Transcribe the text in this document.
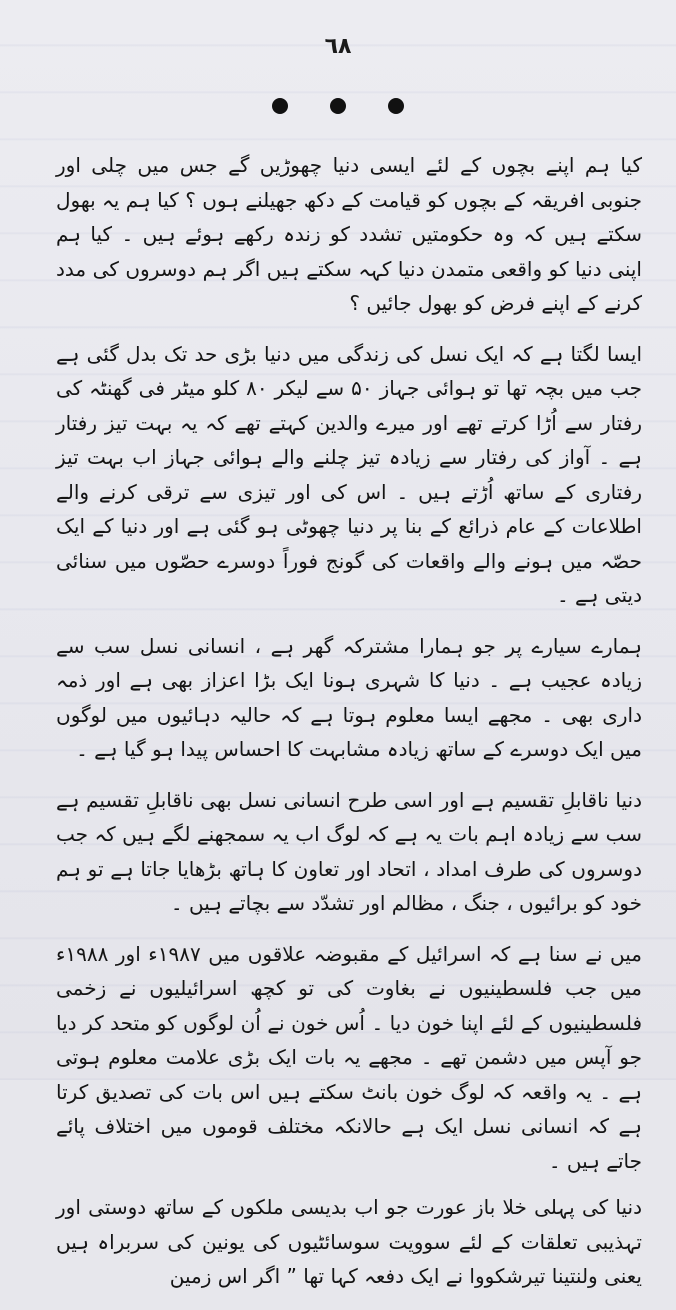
٦٨

کیا ہم اپنے بچوں کے لئے ایسی دنیا چھوڑیں گے جس میں چلی اور جنوبی افریقہ کے بچوں کو قیامت کے دکھ جھیلنے ہوں ؟ کیا ہم یہ بھول سکتے ہیں کہ وہ حکومتیں تشدد کو زندہ رکھے ہوئے ہیں ۔ کیا ہم اپنی دنیا کو واقعی متمدن دنیا کہہ سکتے ہیں اگر ہم دوسروں کی مدد کرنے کے اپنے فرض کو بھول جائیں ؟

ایسا لگتا ہے کہ ایک نسل کی زندگی میں دنیا بڑی حد تک بدل گئی ہے جب میں بچہ تھا تو ہوائی جہاز ۵۰ سے لیکر ۸۰ کلو میٹر فی گھنٹہ کی رفتار سے اُڑا کرتے تھے اور میرے والدین کہتے تھے کہ یہ بہت تیز رفتار ہے ۔ آواز کی رفتار سے زیادہ تیز چلنے والے ہوائی جہاز اب بہت تیز رفتاری کے ساتھ اُڑتے ہیں ۔ اس کی اور تیزی سے ترقی کرنے والے اطلاعات کے عام ذرائع کے بنا پر دنیا چھوٹی ہو گئی ہے اور دنیا کے ایک حصّہ میں ہونے والے واقعات کی گونج فوراً دوسرے حصّوں میں سنائی دیتی ہے ۔

ہمارے سیارے پر جو ہمارا مشترکہ گھر ہے ، انسانی نسل سب سے زیادہ عجیب ہے ۔ دنیا کا شہری ہونا ایک بڑا اعزاز بھی ہے اور ذمہ داری بھی ۔ مجھے ایسا معلوم ہوتا ہے کہ حالیہ دہائیوں میں لوگوں میں ایک دوسرے کے ساتھ زیادہ مشابہت کا احساس پیدا ہو گیا ہے ۔

دنیا ناقابلِ تقسیم ہے اور اسی طرح انسانی نسل بھی ناقابلِ تقسیم ہے سب سے زیادہ اہم بات یہ ہے کہ لوگ اب یہ سمجھنے لگے ہیں کہ جب دوسروں کی طرف امداد ، اتحاد اور تعاون کا ہاتھ بڑھایا جاتا ہے تو ہم خود کو برائیوں ، جنگ ، مظالم اور تشدّد سے بچاتے ہیں ۔

میں نے سنا ہے کہ اسرائیل کے مقبوضہ علاقوں میں ۱۹۸۷ء اور ۱۹۸۸ء میں جب فلسطینیوں نے بغاوت کی تو کچھ اسرائیلیوں نے زخمی فلسطینیوں کے لئے اپنا خون دیا ۔ اُس خون نے اُن لوگوں کو متحد کر دیا جو آپس میں دشمن تھے ۔ مجھے یہ بات ایک بڑی علامت معلوم ہوتی ہے ۔ یہ واقعہ کہ لوگ خون بانٹ سکتے ہیں اس بات کی تصدیق کرتا ہے کہ انسانی نسل ایک ہے حالانکہ مختلف قوموں میں اختلاف پائے جاتے ہیں ۔

دنیا کی پہلی خلا باز عورت جو اب بدیسی ملکوں کے ساتھ دوستی اور تہذیبی تعلقات کے لئے سوویت سوسائٹیوں کی یونین کی سربراہ ہیں یعنی ولنتینا تیرشکووا نے ایک دفعہ کہا تھا ” اگر اس زمین
